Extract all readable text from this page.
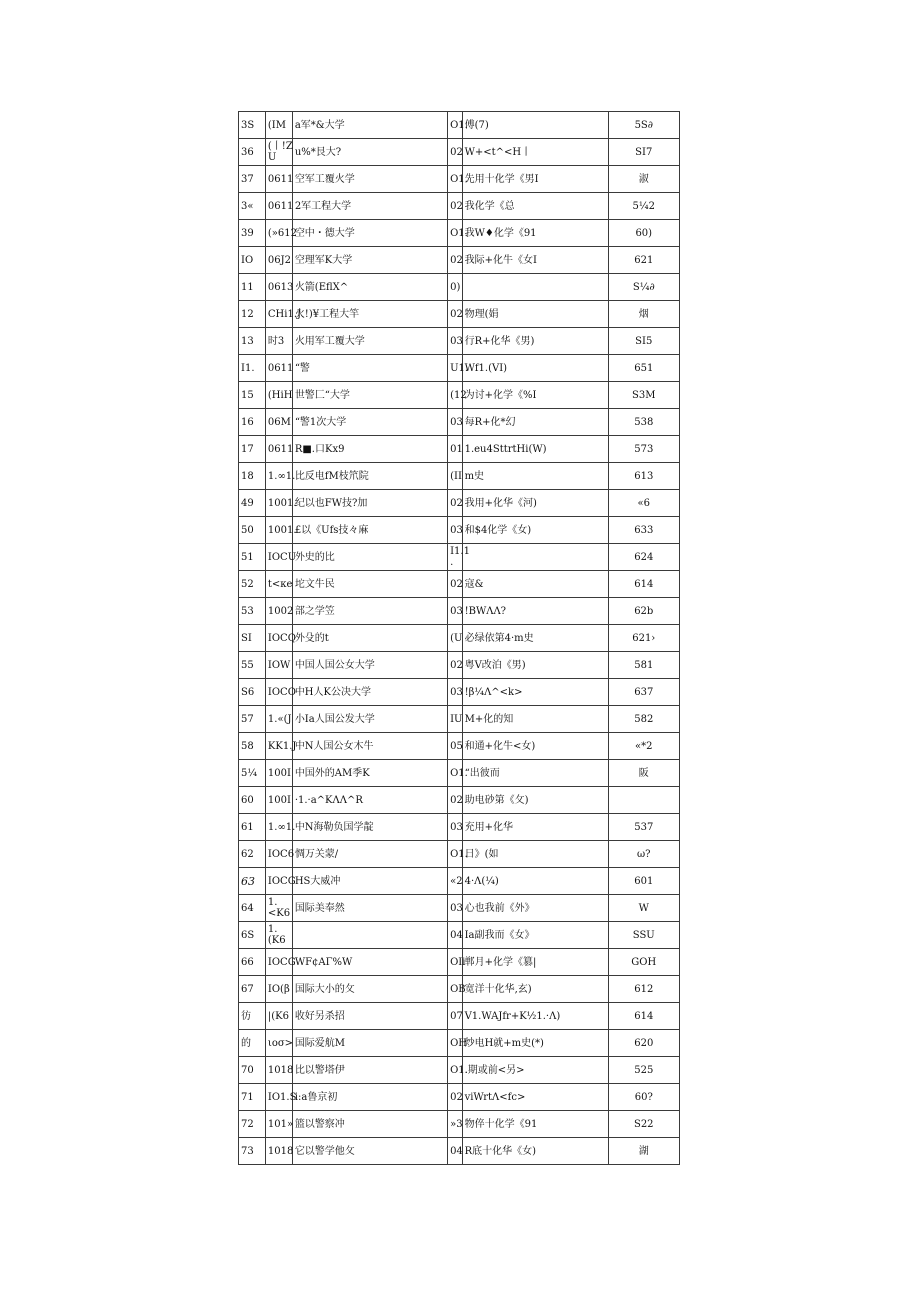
3S	(IM	a军*&大学	O1.	傅(7)	5S∂
36	(丨!Z U	u%*艮大?	02	W+<t^<H丨	SI7
37	0611	空军工覆火学	O1.	先用十化学《男I	淑
3«	0611	2军工程大学	02	我化学《总	5¼2
39	(»612	空中・德大学	O1.	我W♦化学《91	60)
IO	06J2	空理军K大学	02	我际+化牛《女I	621
11	0613	火箭(EflX^	0)		S¼∂
12	CHi1.J	火!)¥工程大竿	02	物理(娟	烟
13	时3	火用军工覆大学	03	行R+化华《男)	SI5
I1.	0611	“警	U1.	Wf1.(VI)	651
15	(HiH	世警匚“大学	(12	为讨+化学《%I	S3M
16	06M	“警1次大学	03	每R+化*幻	538
17	0611	R■.口Kx9	01	1.eu4SttrtHi(W)	573
18	1.∞1.	比反电fM枝笊院	(II	m史	613
49	1001.	纪以也FW技?加	02	我用+化华《河)	«6
50	1001.	£以《Ufs技々麻	03	和$4化学《女)	633
51	IOCU	外史的比	I1.1 .		624
52	t<кe	坨文牛民	02	寇&	614
53	1002	部之学笠	03	!BWΛΛ?	62b
SI	IOCQ	外殳的t	(U	必绿依第4·m史	621›
55	IOW	中国人国公女大学	02	粤V改泊《男)	581
S6	IOCO	中H人K公决大学	03	!β¼Λ^<k>	637
57	1.«(J	小Ia人国公发大学	IU	M+化的知	582
58	KK1.J	中N人国公女木牛	05	和通+化牛<女)	«*2
5¼	100I	中国外的AM季K	O1.	“出彼而	阪
60	100I	·1.·a^KΛΛ^R	02	助电砂第《攵)	
61	1.∞1.	中N海勒负国学靛	03	充用+化华	537
62	IOC6	惆万关蒙/	O1.	日》(如	ω?
63	IOCG	HS大威冲	«2	4·Λ(¼)	601
64	1.<K6	国际美奉然	03	心也我前《外》	W
6S	1.(K6		04	Ia副我而《女》	SSU
66	IOCG	WF¢AΓ%W	OIi	郸月+化学《篡|	GOH
67	IO(β	国际大小的攵	OB	宽洋十化华,玄)	612
彷	|(K6	收好另杀招	07	V1.WAJfr+K½1.·Λ)	614
的	ιoσ>	国际爱航M	OH	炒电H就+m史(*)	620
70	1018	比以警塔伊	O1.	.期或前<另>	525
71	IO1.S	i:a鲁京初	02	viWrtΛ<fc>	60?
72	101»	篮以警察冲	»3	物倅十化学《91	S22
73	1018	它以警学他攵	04	R底十化华《女)	湖
